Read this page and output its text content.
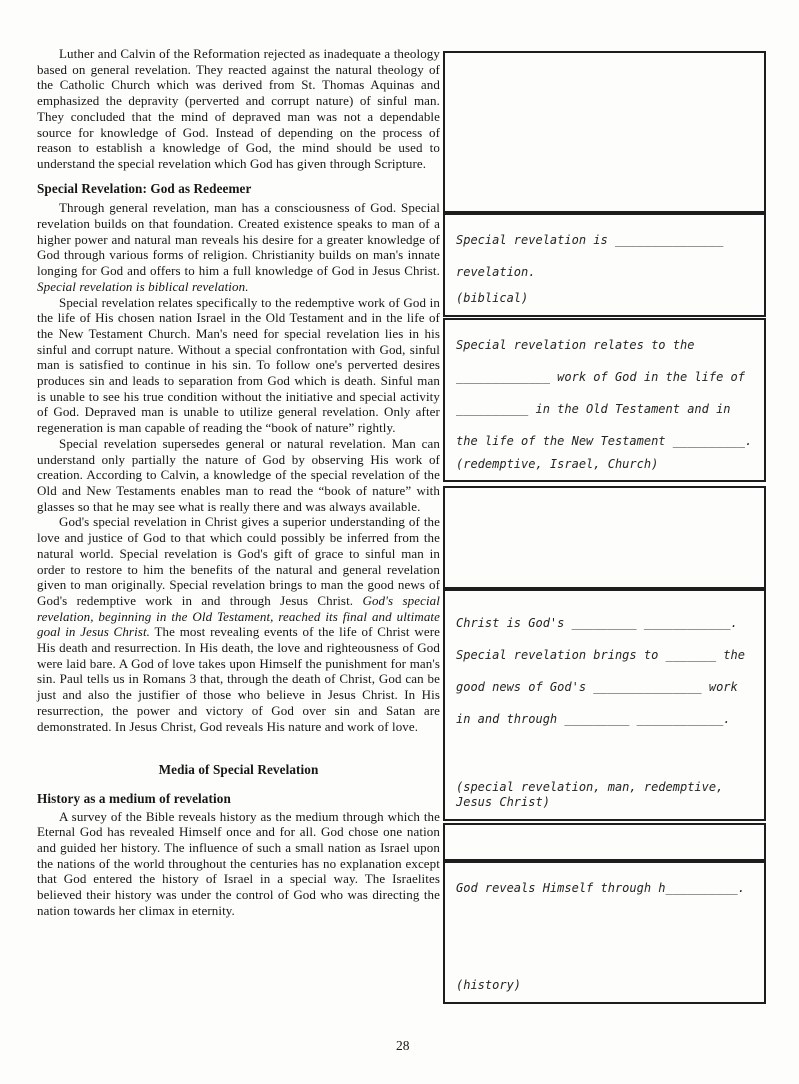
Luther and Calvin of the Reformation rejected as inadequate a theology based on general revelation. They reacted against the natural theology of the Catholic Church which was derived from St. Thomas Aquinas and emphasized the depravity (perverted and corrupt nature) of sinful man. They concluded that the mind of depraved man was not a dependable source for knowledge of God. Instead of depending on the process of reason to establish a knowledge of God, the mind should be used to understand the special revelation which God has given through Scripture.

Special Revelation: God as Redeemer

Through general revelation, man has a consciousness of God. Special revelation builds on that foundation. Created existence speaks to man of a higher power and natural man reveals his desire for a greater knowledge of God through various forms of religion. Christianity builds on man's innate longing for God and offers to him a full knowledge of God in Jesus Christ. Special revelation is biblical revelation.

Special revelation relates specifically to the redemptive work of God in the life of His chosen nation Israel in the Old Testament and in the life of the New Testament Church. Man's need for special revelation lies in his sinful and corrupt nature. Without a special confrontation with God, sinful man is satisfied to continue in his sin. To follow one's perverted desires produces sin and leads to separation from God which is death. Sinful man is unable to see his true condition without the initiative and special activity of God. Depraved man is unable to utilize general revelation. Only after regeneration is man capable of reading the “book of nature” rightly.

Special revelation supersedes general or natural revelation. Man can understand only partially the nature of God by observing His work of creation. According to Calvin, a knowledge of the special revelation of the Old and New Testaments enables man to read the “book of nature” with glasses so that he may see what is really there and was always available.

God's special revelation in Christ gives a superior understanding of the love and justice of God to that which could possibly be inferred from the natural world. Special revelation is God's gift of grace to sinful man in order to restore to him the benefits of the natural and general revelation given to man originally. Special revelation brings to man the good news of God's redemptive work in and through Jesus Christ. God's special revelation, beginning in the Old Testament, reached its final and ultimate goal in Jesus Christ. The most revealing events of the life of Christ were His death and resurrection. In His death, the love and righteousness of God were laid bare. A God of love takes upon Himself the punishment for man's sin. Paul tells us in Romans 3 that, through the death of Christ, God can be just and also the justifier of those who believe in Jesus Christ. In His resurrection, the power and victory of God over sin and Satan are demonstrated. In Jesus Christ, God reveals His nature and work of love.

Media of Special Revelation
History as a medium of revelation

A survey of the Bible reveals history as the medium through which the Eternal God has revealed Himself once and for all. God chose one nation and guided her history. The influence of such a small nation as Israel upon the nations of the world throughout the centuries has no explanation except that God entered the history of Israel in a special way. The Israelites believed their history was under the control of God who was directing the nation towards her climax in eternity.

Special revelation is _______________
revelation.
(biblical)
Special revelation relates to the
_____________ work of God in the life of
__________ in the Old Testament and in
the life of the New Testament __________.
(redemptive, Israel, Church)
Christ is God's _________ ____________.
Special revelation brings to _______ the
good news of God's _______________ work
in and through _________ ____________.
(special revelation, man, redemptive, Jesus Christ)
God reveals Himself through h__________.
(history)
28
